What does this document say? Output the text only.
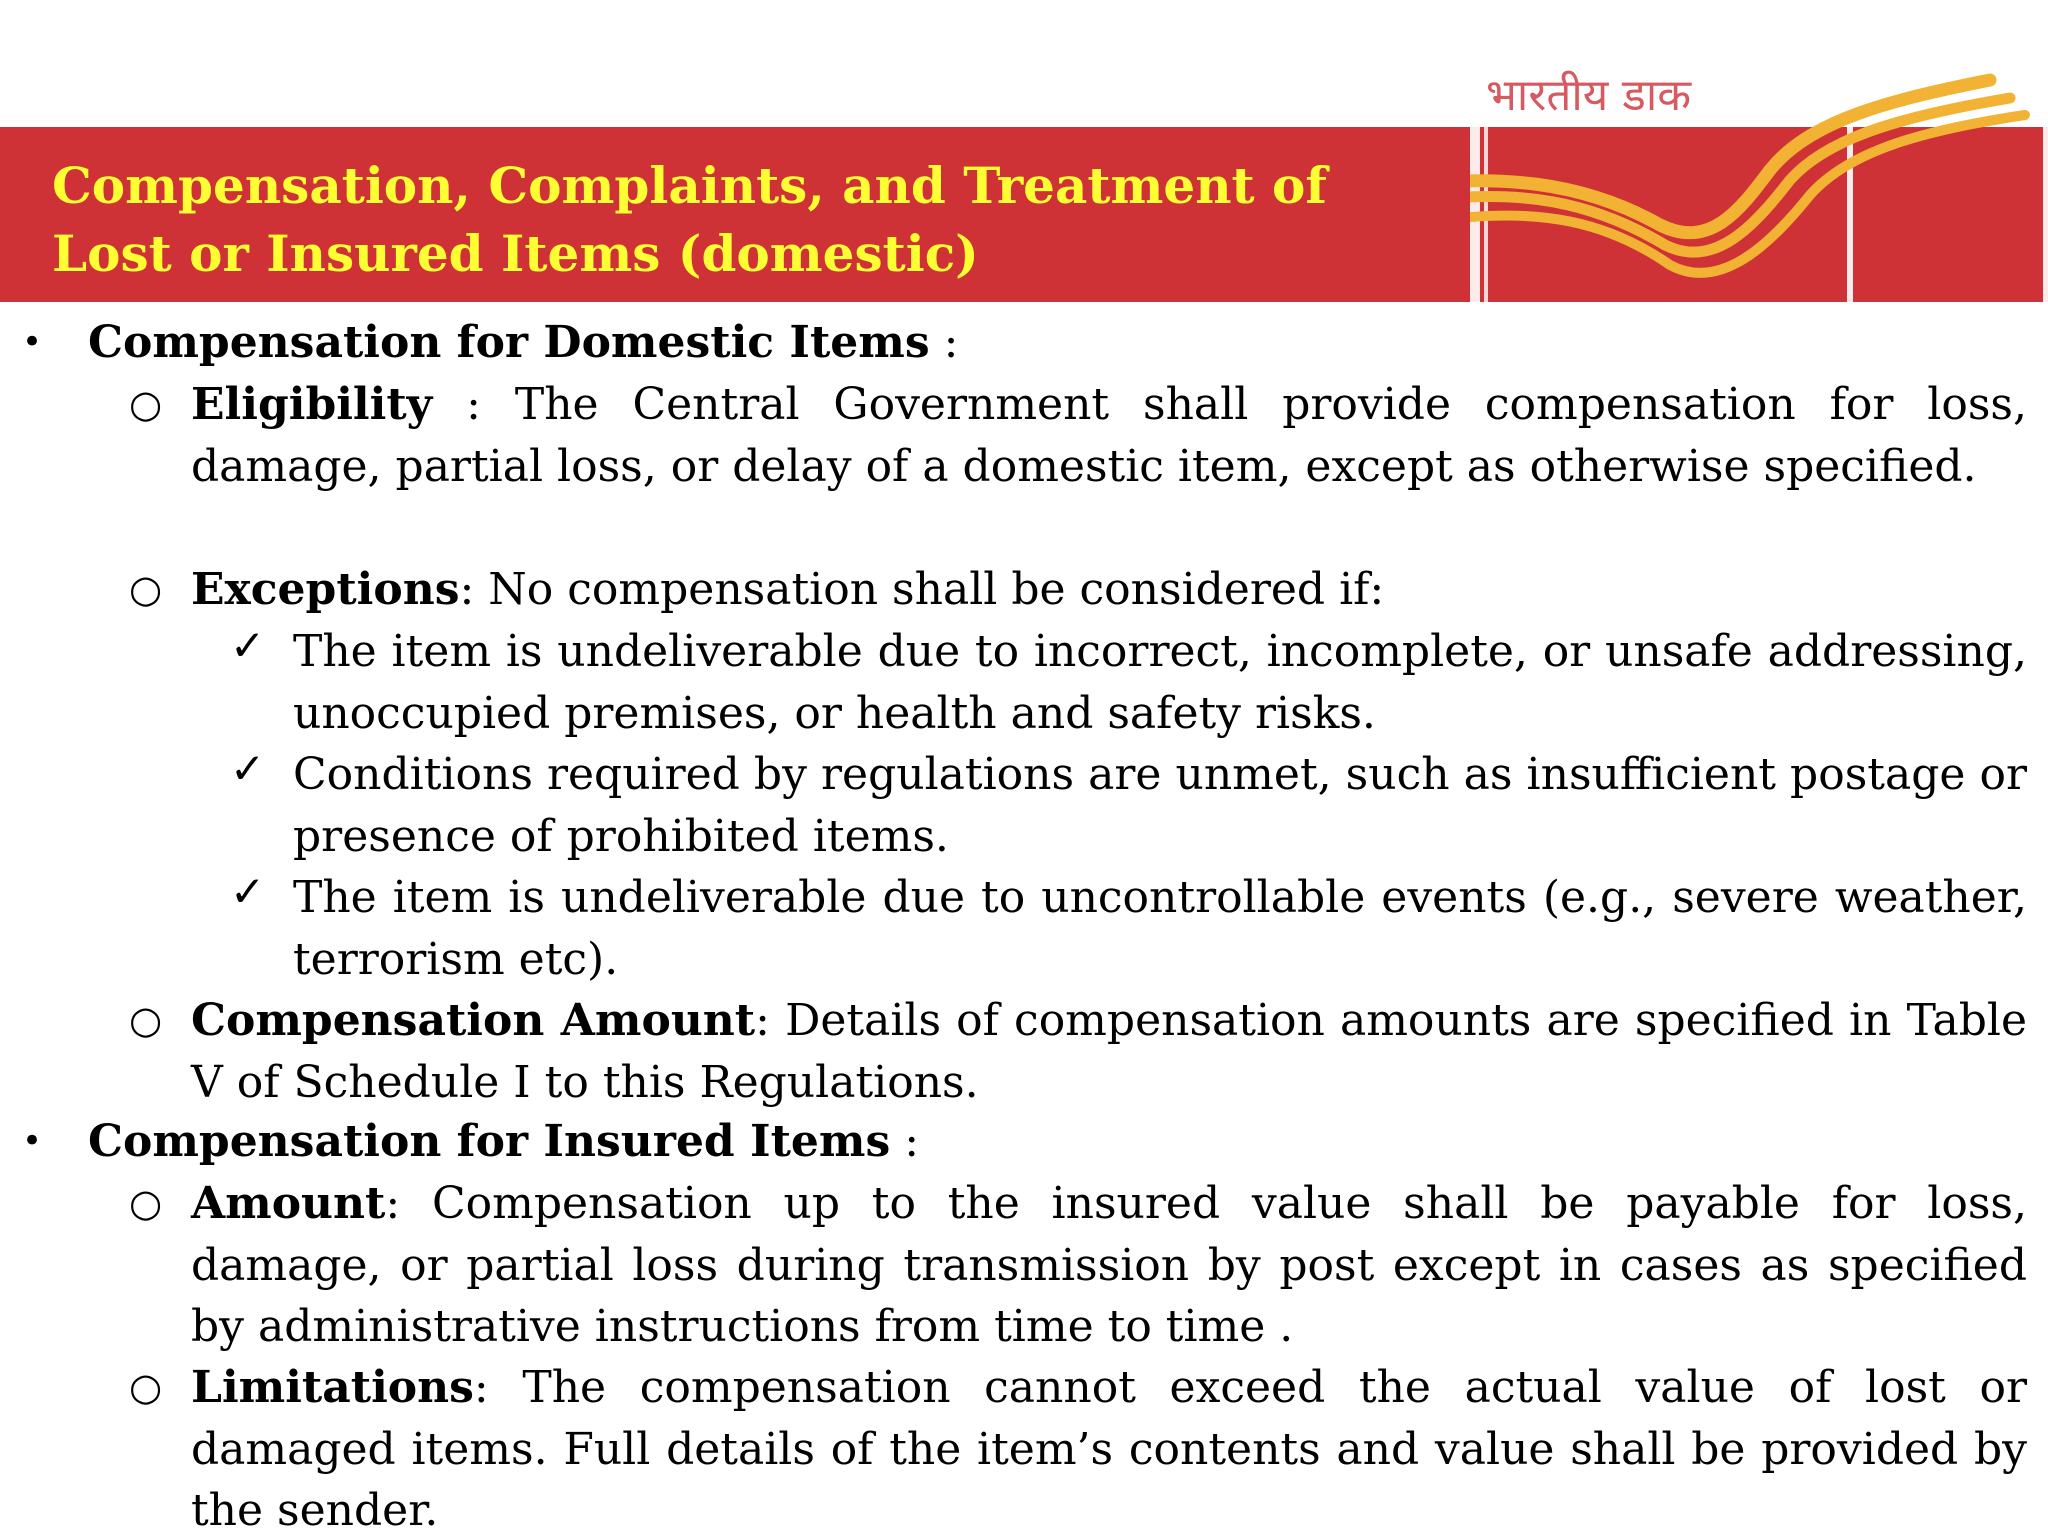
Compensation, Complaints, and Treatment of
Lost or Insured Items (domestic)
भारतीय डाक
• Compensation for Domestic Items :
○ Eligibility : The Central Government shall provide compensation for loss, damage, partial loss, or delay of a domestic item, except as otherwise specified.
○ Exceptions: No compensation shall be considered if:
✓ The item is undeliverable due to incorrect, incomplete, or unsafe addressing, unoccupied premises, or health and safety risks.
✓ Conditions required by regulations are unmet, such as insufficient postage or presence of prohibited items.
✓ The item is undeliverable due to uncontrollable events (e.g., severe weather, terrorism etc).
○ Compensation Amount: Details of compensation amounts are specified in Table V of Schedule I to this Regulations.
• Compensation for Insured Items :
○ Amount: Compensation up to the insured value shall be payable for loss, damage, or partial loss during transmission by post except in cases as specified by administrative instructions from time to time .
○ Limitations: The compensation cannot exceed the actual value of lost or damaged items. Full details of the item’s contents and value shall be provided by the sender.
